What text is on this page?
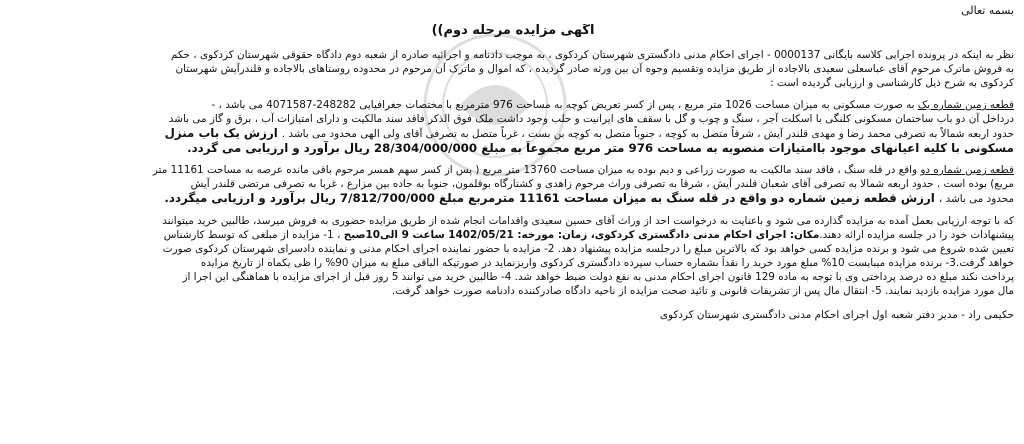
بسمه تعالی
آگهی مزایده مرحله دوم))
نظر به اینکه در پرونده اجرایی کلاسه بایگانی 0000137 - اجرای احکام مدنی دادگستری شهرستان کردکوی ، به موجب دادنامه و اجرائیه صادره از شعبه دوم دادگاه حقوقی شهرستان کردکوی ، حکم
به فروش ماترک مرحوم آقای عباسعلی سعیدی بالاجاده از طریق مزایده وتقسیم وجوه آن بین ورثه صادر گردیده ، که اموال و ماترک آن مرحوم در محدوده روستاهای بالاجاده و قلندرآیش شهرستان
کردکوی به شرح ذیل کارشناسی و ارزیابی گردیده است :
قطعه زمین شماره یک به صورت مسکونی به میزان مساحت 1026 متر مربع ، پس از کسر تعریض کوچه به مساحت 976 مترمربع با مختصات جغرافیایی 248282-4071587 می باشد ، -
درداخل آن دو باب ساختمان مسکونی کلنگی با اسکلت آجر ، سنگ و چوب و گل با سقف های ایرانیت و حلب وجود داشت ملک فوق الذکر فاقد سند مالکیت و دارای امتیازات آب ، برق و گاز می باشد
حدود اربعه شمالاً به تصرفی محمد رضا و مهدی قلندر آیش ، شرقاً متصل به کوچه ، جنوباً متصل به کوچه بن بست ، غرباً متصل به تصرفی آقای ولی الهی محدود می باشد . ارزش یک باب منزل
مسکونی با کلیه اعیانهای موجود باامتیازات منصوبه به مساحت 976 متر مربع مجموعاً به مبلغ 28/304/000/000 ریال برآورد و ارزیابی می گردد.
قطعه زمین شماره دو واقع در قله سنگ ، فاقد سند مالکیت به صورت زراعی و دیم بوده به میزان مساحت 13760 متر مربع ( پس از کسر سهم همسر مرحوم باقی مانده عرصه به مساحت 11161 متر
مربع) بوده است . حدود اربعه شمالا به تصرفی آقای شعبان قلندر آیش ، شرقا به تصرفی وراث مرحوم زاهدی و کشتارگاه بوقلمون، جنوبا به جاده بین مزارع ، غربا به تصرفی مرتضی قلندر آیش
محدود می باشد ، ارزش قطعه زمین شماره دو واقع در قله سنگ به میزان مساحت 11161 مترمربع مبلغ 7/812/700/000 ریال برآورد و ارزیابی میگردد.
که با توجه ارزیابی بعمل آمده به مزایده گذارده می شود و باعنایت به درخواست احد از وراث آقای حسین سعیدی واقدامات انجام شده از طریق مزایده حضوری به فروش میرسد، طالبین خرید میتوانند
پیشنهادات خود را در جلسه مزایده ارائه دهند.مکان: اجرای احکام مدنی دادگستری کردکوی، زمان: مورخه: 1402/05/21 ساعت 9 الی10صبح ، 1- مزایده از مبلغی که توسط کارشناس
تعیین شده شروع می شود و برنده مزایده کسی خواهد بود که بالاترین مبلغ را درجلسه مزایده پیشنهاد دهد. 2- مزایده با حضور نماینده اجرای احکام مدنی و نماینده دادسرای شهرستان کردکوی صورت
خواهد گرفت.3- برنده مزایده میبایست 10% مبلغ مورد خرید را نقداً بشماره حساب سپرده دادگستری کردکوی واریزنماید در صورتیکه الباقی مبلغ به میزان 90% را ظی یکماه از تاریخ مزایده
پرداخت نکند مبلغ ده درصد پرداختی وی با توجه به ماده 129 قانون اجرای احکام مدنی به نفع دولت ضبط خواهد شد. 4- طالبین خرید می توانند 5 روز قبل از اجرای مزایده با هماهنگی این اجرا از
مال مورد مزایده بازدید نمایند. 5- انتقال مال پس از تشریفات قانونی و تائید صحت مزایده از ناحیه دادگاه صادرکننده دادنامه صورت خواهد گرفت.
حکیمی راد - مدیر دفتر شعبه اول اجرای احکام مدنی دادگستری شهرستان کردکوی
